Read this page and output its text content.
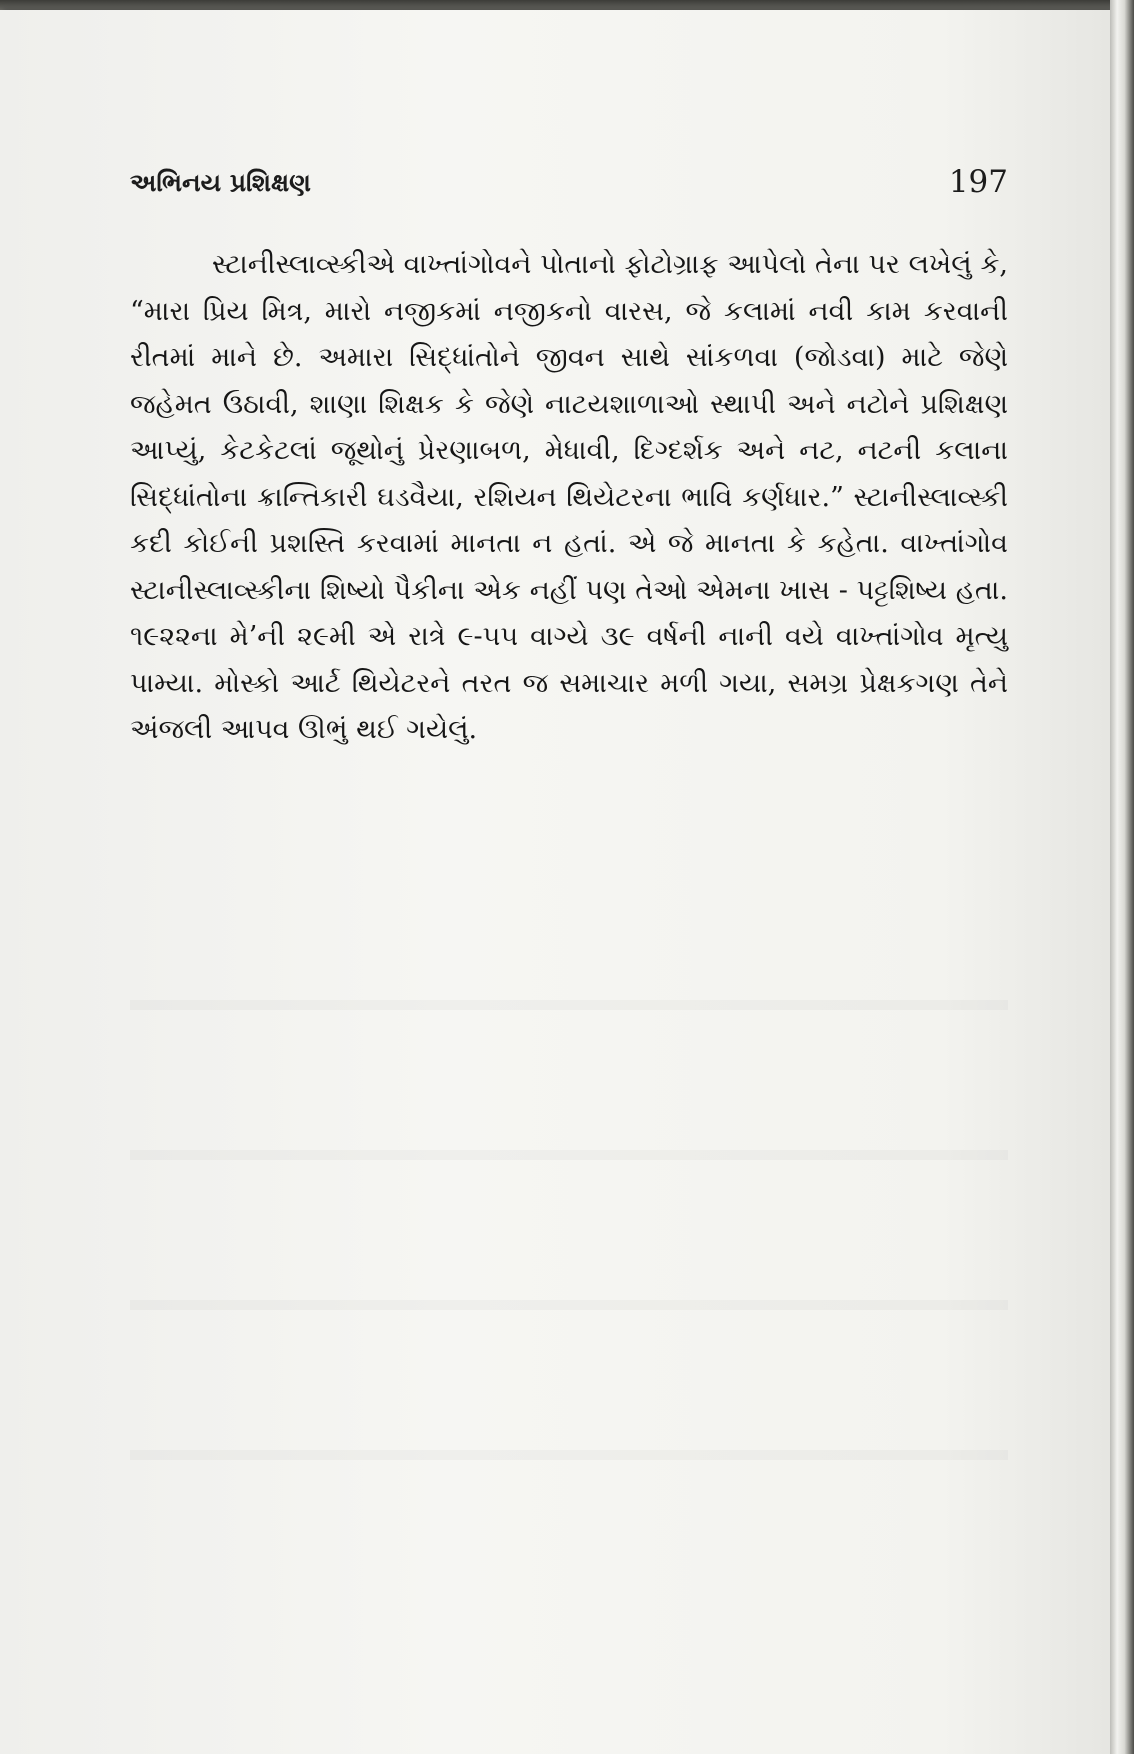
અભિનય પ્રશિક્ષણ	197

સ્ટાનીસ્લાવ્સ્કીએ વાખ્તાંગોવને પોતાનો ફોટોગ્રાફ આપેલો તેના પર લખેલું કે, “મારા પ્રિય મિત્ર, મારો નજીકમાં નજીકનો વારસ, જે કલામાં નવી કામ કરવાની રીતમાં માને છે. અમારા સિદ્ધાંતોને જીવન સાથે સાંકળવા (જોડવા) માટે જેણે જહેમત ઉઠાવી, શાણા શિક્ષક કે જેણે નાટયશાળાઓ સ્થાપી અને નટોને પ્રશિક્ષણ આપ્યું, કેટકેટલાં જૂથોનું પ્રેરણાબળ, મેધાવી, દિગ્દર્શક અને નટ, નટની કલાના સિદ્ધાંતોના ક્રાન્તિકારી ઘડવૈયા, રશિયન થિયેટરના ભાવિ કર્ણધાર.” સ્ટાનીસ્લાવ્સ્કી કદી કોઈની પ્રશસ્તિ કરવામાં માનતા ન હતાં. એ જે માનતા કે કહેતા. વાખ્તાંગોવ સ્ટાનીસ્લાવ્સ્કીના શિષ્યો પૈકીના એક નહીં પણ તેઓ એમના ખાસ - પટ્ટશિષ્ય હતા. ૧૯૨૨ના મે’ની ૨૯મી એ રાત્રે ૯-૫૫ વાગ્યે ૩૯ વર્ષની નાની વયે વાખ્તાંગોવ મૃત્યુ પામ્યા. મોસ્કો આર્ટ થિયેટરને તરત જ સમાચાર મળી ગયા, સમગ્ર પ્રેક્ષકગણ તેને અંજલી આપવ ઊભું થઈ ગયેલું.
